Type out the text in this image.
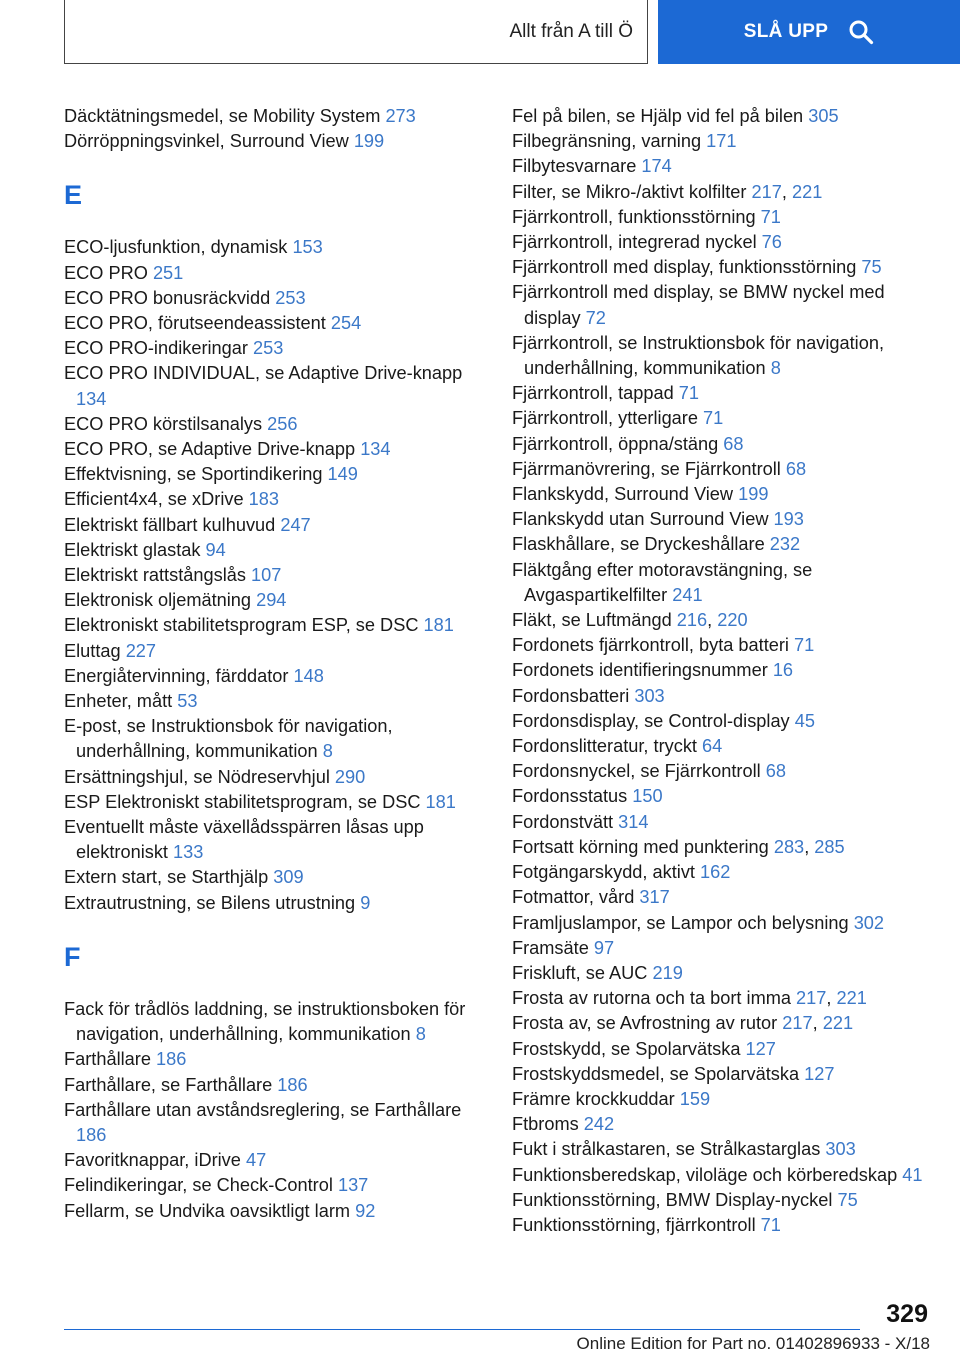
Allt från A till Ö	SLÅ UPP
Däcktätningsmedel, se Mobility System 273
Dörröppningsvinkel, Surround View 199
E
ECO-ljusfunktion, dynamisk 153
ECO PRO 251
ECO PRO bonusräckvidd 253
ECO PRO, förutseendeassistent 254
ECO PRO-indikeringar 253
ECO PRO INDIVIDUAL, se Adaptive Drive-knapp 134
ECO PRO körstilsanalys 256
ECO PRO, se Adaptive Drive-knapp 134
Effektvisning, se Sportindikering 149
Efficient4x4, se xDrive 183
Elektriskt fällbart kulhuvud 247
Elektriskt glastak 94
Elektriskt rattstångslås 107
Elektronisk oljemätning 294
Elektroniskt stabilitetsprogram ESP, se DSC 181
Eluttag 227
Energiåtervinning, färddator 148
Enheter, mått 53
E-post, se Instruktionsbok för navigation, underhållning, kommunikation 8
Ersättningshjul, se Nödreservhjul 290
ESP Elektroniskt stabilitetsprogram, se DSC 181
Eventuellt måste växellådsspärren låsas upp elektroniskt 133
Extern start, se Starthjälp 309
Extrautrustning, se Bilens utrustning 9
F
Fack för trådlös laddning, se instruktionsboken för navigation, underhållning, kommunikation 8
Farthållare 186
Farthållare, se Farthållare 186
Farthållare utan avståndsreglering, se Farthållare 186
Favoritknappar, iDrive 47
Felindikeringar, se Check-Control 137
Fellarm, se Undvika oavsiktligt larm 92
Fel på bilen, se Hjälp vid fel på bilen 305
Filbegränsning, varning 171
Filbytesvarnare 174
Filter, se Mikro-/aktivt kolfilter 217, 221
Fjärrkontroll, funktionsstörning 71
Fjärrkontroll, integrerad nyckel 76
Fjärrkontroll med display, funktionsstörning 75
Fjärrkontroll med display, se BMW nyckel med display 72
Fjärrkontroll, se Instruktionsbok för navigation, underhållning, kommunikation 8
Fjärrkontroll, tappad 71
Fjärrkontroll, ytterligare 71
Fjärrkontroll, öppna/stäng 68
Fjärrmanövrering, se Fjärrkontroll 68
Flankskydd, Surround View 199
Flankskydd utan Surround View 193
Flaskhållare, se Dryckeshållare 232
Fläktgång efter motoravstängning, se Avgaspartikelfilter 241
Fläkt, se Luftmängd 216, 220
Fordonets fjärrkontroll, byta batteri 71
Fordonets identifieringsnummer 16
Fordonsbatteri 303
Fordonsdisplay, se Control-display 45
Fordonslitteratur, tryckt 64
Fordonsnyckel, se Fjärrkontroll 68
Fordonsstatus 150
Fordonstvätt 314
Fortsatt körning med punktering 283, 285
Fotgängarskydd, aktivt 162
Fotmattor, vård 317
Framljuslampor, se Lampor och belysning 302
Framsäte 97
Friskluft, se AUC 219
Frosta av rutorna och ta bort imma 217, 221
Frosta av, se Avfrostning av rutor 217, 221
Frostskydd, se Spolarvätska 127
Frostskyddsmedel, se Spolarvätska 127
Främre krockkuddar 159
Ftbroms 242
Fukt i strålkastaren, se Strålkastarglas 303
Funktionsberedskap, viloläge och körberedskap 41
Funktionsstörning, BMW Display-nyckel 75
Funktionsstörning, fjärrkontroll 71
329
Online Edition for Part no. 01402896933 - X/18
